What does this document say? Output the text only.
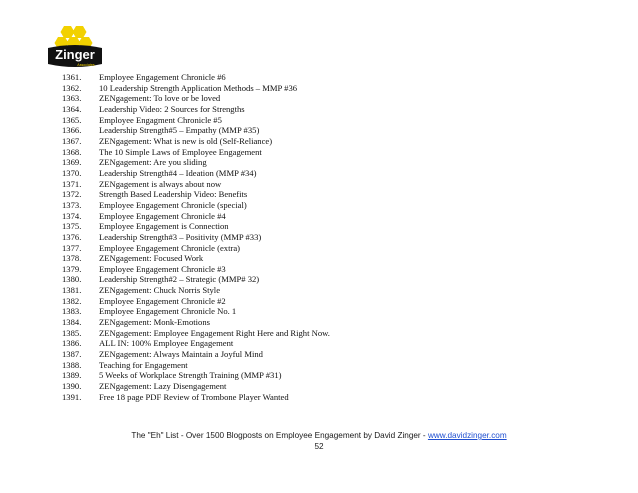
Zinger
Associates
1361. Employee Engagement Chronicle #6
1362. 10 Leadership Strength Application Methods – MMP #36
1363. ZENgagement: To love or be loved
1364. Leadership Video: 2 Sources for Strengths
1365. Employee Engagment Chronicle #5
1366. Leadership Strength#5 – Empathy (MMP #35)
1367. ZENgagement: What is new is old (Self-Reliance)
1368. The 10 Simple Laws of Employee Engagement
1369. ZENgagement: Are you sliding
1370. Leadership Strength#4 – Ideation (MMP #34)
1371. ZENgagement is always about now
1372. Strength Based Leadership Video: Benefits
1373. Employee Engagement Chronicle (special)
1374. Employee Engagement Chronicle #4
1375. Employee Engagement is Connection
1376. Leadership Strength#3 – Positivity (MMP #33)
1377. Employee Engagement Chronicle (extra)
1378. ZENgagement: Focused Work
1379. Employee Engagement Chronicle #3
1380. Leadership Strength#2 – Strategic (MMP# 32)
1381. ZENgagement: Chuck Norris Style
1382. Employee Engagement Chronicle #2
1383. Employee Engagement Chronicle No. 1
1384. ZENgagement: Monk-Emotions
1385. ZENgagement: Employee Engagement Right Here and Right Now.
1386. ALL IN: 100% Employee Engagement
1387. ZENgagement: Always Maintain a Joyful Mind
1388. Teaching for Engagement
1389. 5 Weeks of Workplace Strength Training (MMP #31)
1390. ZENgagement: Lazy Disengagement
1391. Free 18 page PDF Review of Trombone Player Wanted
The "Eh" List - Over 1500 Blogposts on Employee Engagement by David Zinger - www.davidzinger.com
52
